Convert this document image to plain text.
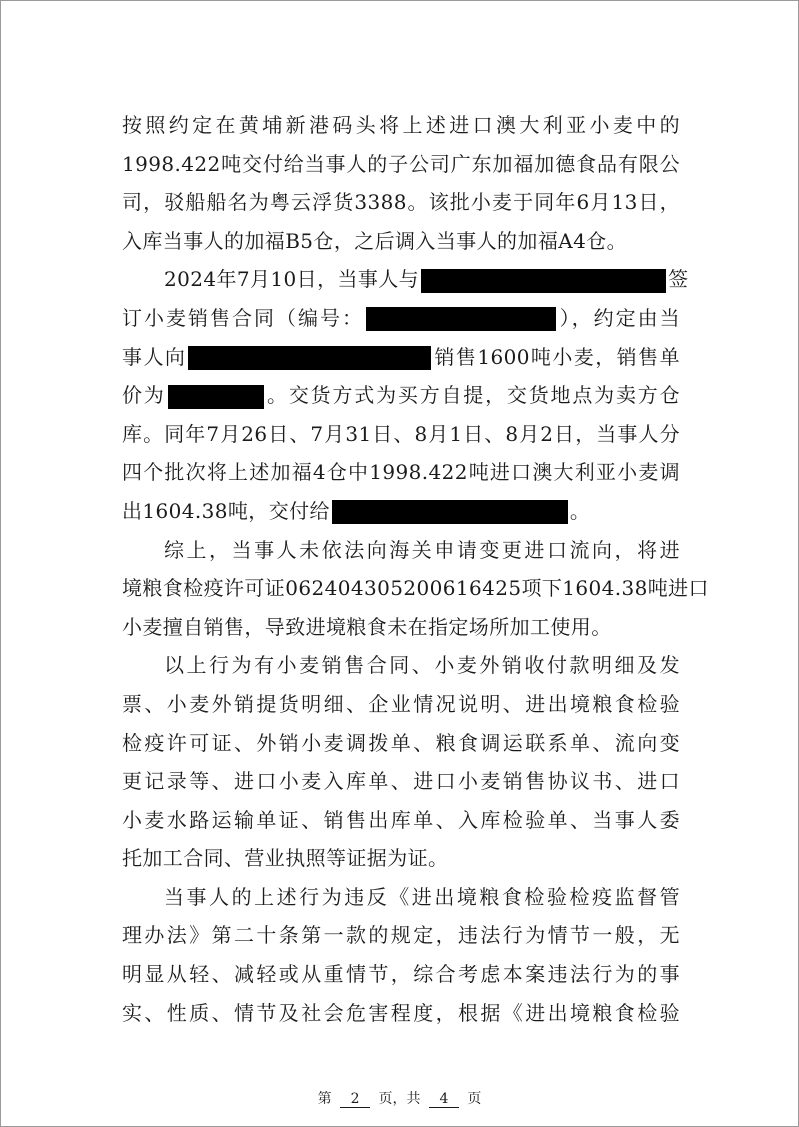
按照约定在黄埔新港码头将上述进口澳大利亚小麦中的
1998.422吨交付给当事人的子公司广东加福加德食品有限公
司，驳船船名为粤云浮货3388。该批小麦于同年6月13日，
入库当事人的加福B5仓，之后调入当事人的加福A4仓。
2024年7月10日，当事人与	签
订小麦销售合同（编号：	），约定由当
事人向	销售1600吨小麦，销售单
价为	。交货方式为买方自提，交货地点为卖方仓
库。同年7月26日、7月31日、8月1日、8月2日，当事人分
四个批次将上述加福4仓中1998.422吨进口澳大利亚小麦调
出1604.38吨，交付给	。
综上，当事人未依法向海关申请变更进口流向，将进
境粮食检疫许可证062404305200616425项下1604.38吨进口
小麦擅自销售，导致进境粮食未在指定场所加工使用。
以上行为有小麦销售合同、小麦外销收付款明细及发
票、小麦外销提货明细、企业情况说明、进出境粮食检验
检疫许可证、外销小麦调拨单、粮食调运联系单、流向变
更记录等、进口小麦入库单、进口小麦销售协议书、进口
小麦水路运输单证、销售出库单、入库检验单、当事人委
托加工合同、营业执照等证据为证。
当事人的上述行为违反《进出境粮食检验检疫监督管
理办法》第二十条第一款的规定，违法行为情节一般，无
明显从轻、减轻或从重情节，综合考虑本案违法行为的事
实、性质、情节及社会危害程度，根据《进出境粮食检验
第 2 页，共 4 页
